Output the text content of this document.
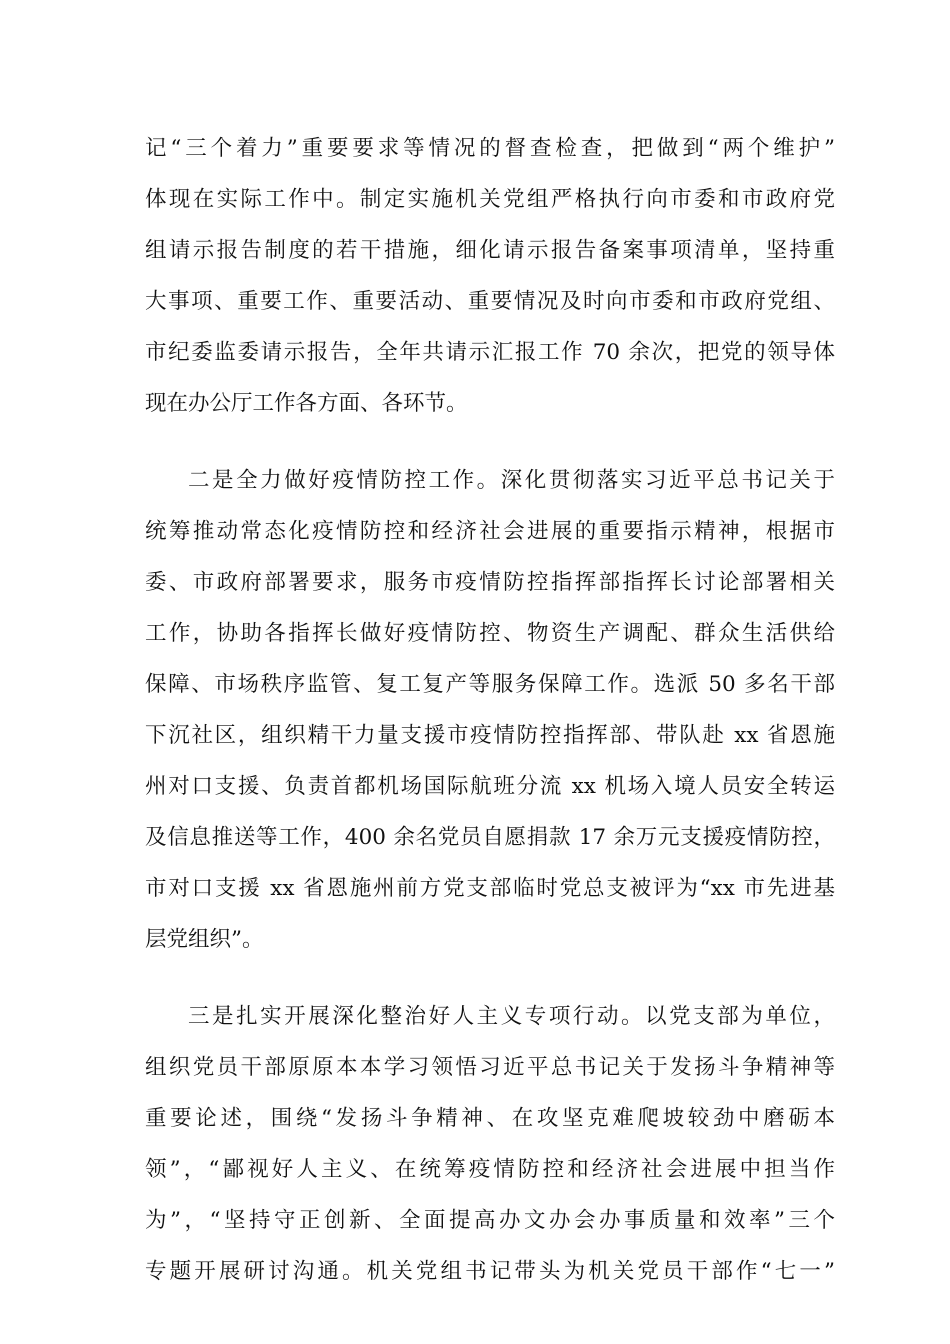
记“三个着力”重要要求等情况的督查检查，把做到“两个维护”
体现在实际工作中。制定实施机关党组严格执行向市委和市政府党
组请示报告制度的若干措施，细化请示报告备案事项清单，坚持重
大事项、重要工作、重要活动、重要情况及时向市委和市政府党组、
市纪委监委请示报告，全年共请示汇报工作 70 余次，把党的领导体
现在办公厅工作各方面、各环节。
二是全力做好疫情防控工作。深化贯彻落实习近平总书记关于
统筹推动常态化疫情防控和经济社会进展的重要指示精神，根据市
委、市政府部署要求，服务市疫情防控指挥部指挥长讨论部署相关
工作，协助各指挥长做好疫情防控、物资生产调配、群众生活供给
保障、市场秩序监管、复工复产等服务保障工作。选派 50 多名干部
下沉社区，组织精干力量支援市疫情防控指挥部、带队赴 xx 省恩施
州对口支援、负责首都机场国际航班分流 xx 机场入境人员安全转运
及信息推送等工作，400 余名党员自愿捐款 17 余万元支援疫情防控，
市对口支援 xx 省恩施州前方党支部临时党总支被评为“xx 市先进基
层党组织”。
三是扎实开展深化整治好人主义专项行动。以党支部为单位，
组织党员干部原原本本学习领悟习近平总书记关于发扬斗争精神等
重要论述，围绕“发扬斗争精神、在攻坚克难爬坡较劲中磨砺本
领”，“鄙视好人主义、在统筹疫情防控和经济社会进展中担当作
为”，“坚持守正创新、全面提高办文办会办事质量和效率”三个
专题开展研讨沟通。机关党组书记带头为机关党员干部作“七一”
